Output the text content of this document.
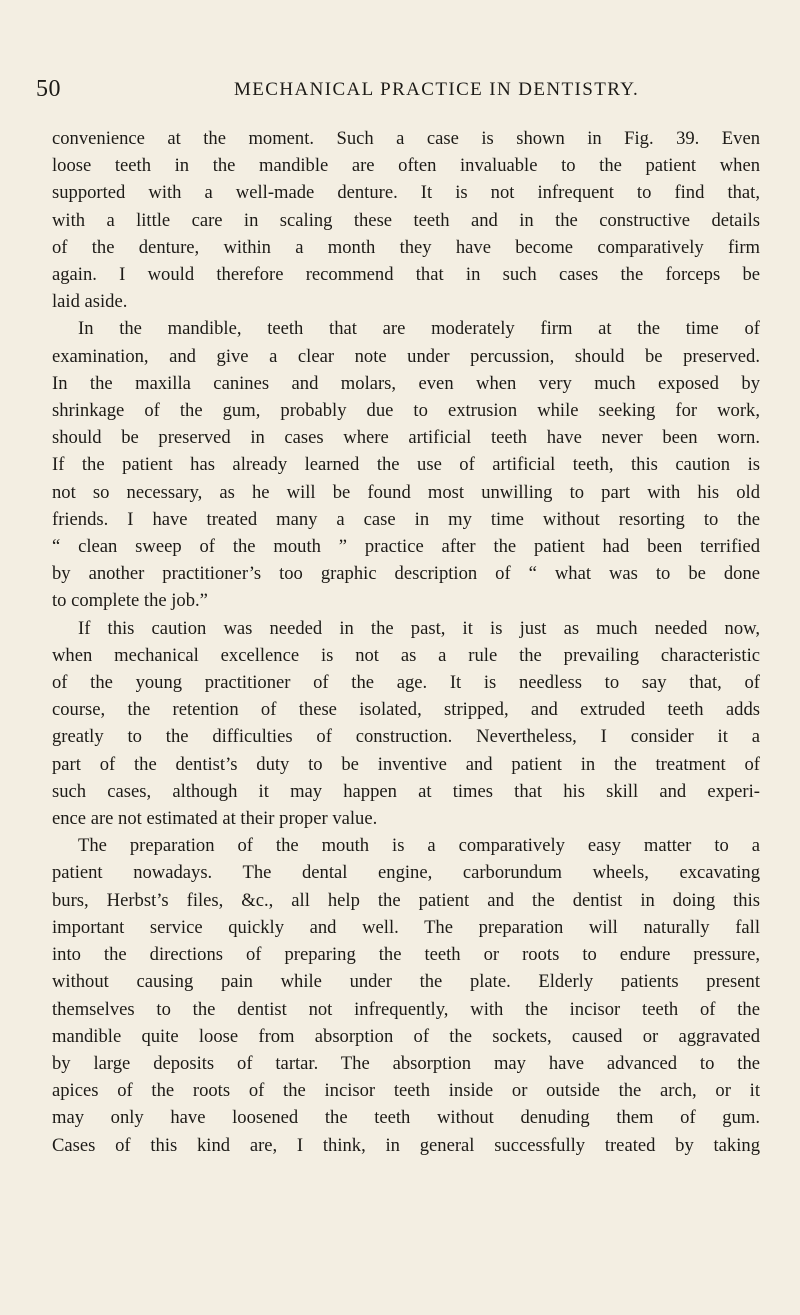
50	MECHANICAL PRACTICE IN DENTISTRY.

convenience at the moment. Such a case is shown in Fig. 39. Even
loose teeth in the mandible are often invaluable to the patient when
supported with a well-made denture. It is not infrequent to find that,
with a little care in scaling these teeth and in the constructive details
of the denture, within a month they have become comparatively firm
again. I would therefore recommend that in such cases the forceps be
laid aside.

In the mandible, teeth that are moderately firm at the time of
examination, and give a clear note under percussion, should be preserved.
In the maxilla canines and molars, even when very much exposed by
shrinkage of the gum, probably due to extrusion while seeking for work,
should be preserved in cases where artificial teeth have never been worn.
If the patient has already learned the use of artificial teeth, this caution is
not so necessary, as he will be found most unwilling to part with his old
friends. I have treated many a case in my time without resorting to the
“ clean sweep of the mouth ” practice after the patient had been terrified
by another practitioner’s too graphic description of “ what was to be done
to complete the job.”

If this caution was needed in the past, it is just as much needed now,
when mechanical excellence is not as a rule the prevailing characteristic
of the young practitioner of the age. It is needless to say that, of
course, the retention of these isolated, stripped, and extruded teeth adds
greatly to the difficulties of construction. Nevertheless, I consider it a
part of the dentist’s duty to be inventive and patient in the treatment of
such cases, although it may happen at times that his skill and experi-
ence are not estimated at their proper value.

The preparation of the mouth is a comparatively easy matter to a
patient nowadays. The dental engine, carborundum wheels, excavating
burs, Herbst’s files, &c., all help the patient and the dentist in doing this
important service quickly and well. The preparation will naturally fall
into the directions of preparing the teeth or roots to endure pressure,
without causing pain while under the plate. Elderly patients present
themselves to the dentist not infrequently, with the incisor teeth of the
mandible quite loose from absorption of the sockets, caused or aggravated
by large deposits of tartar. The absorption may have advanced to the
apices of the roots of the incisor teeth inside or outside the arch, or it
may only have loosened the teeth without denuding them of gum.
Cases of this kind are, I think, in general successfully treated by taking
